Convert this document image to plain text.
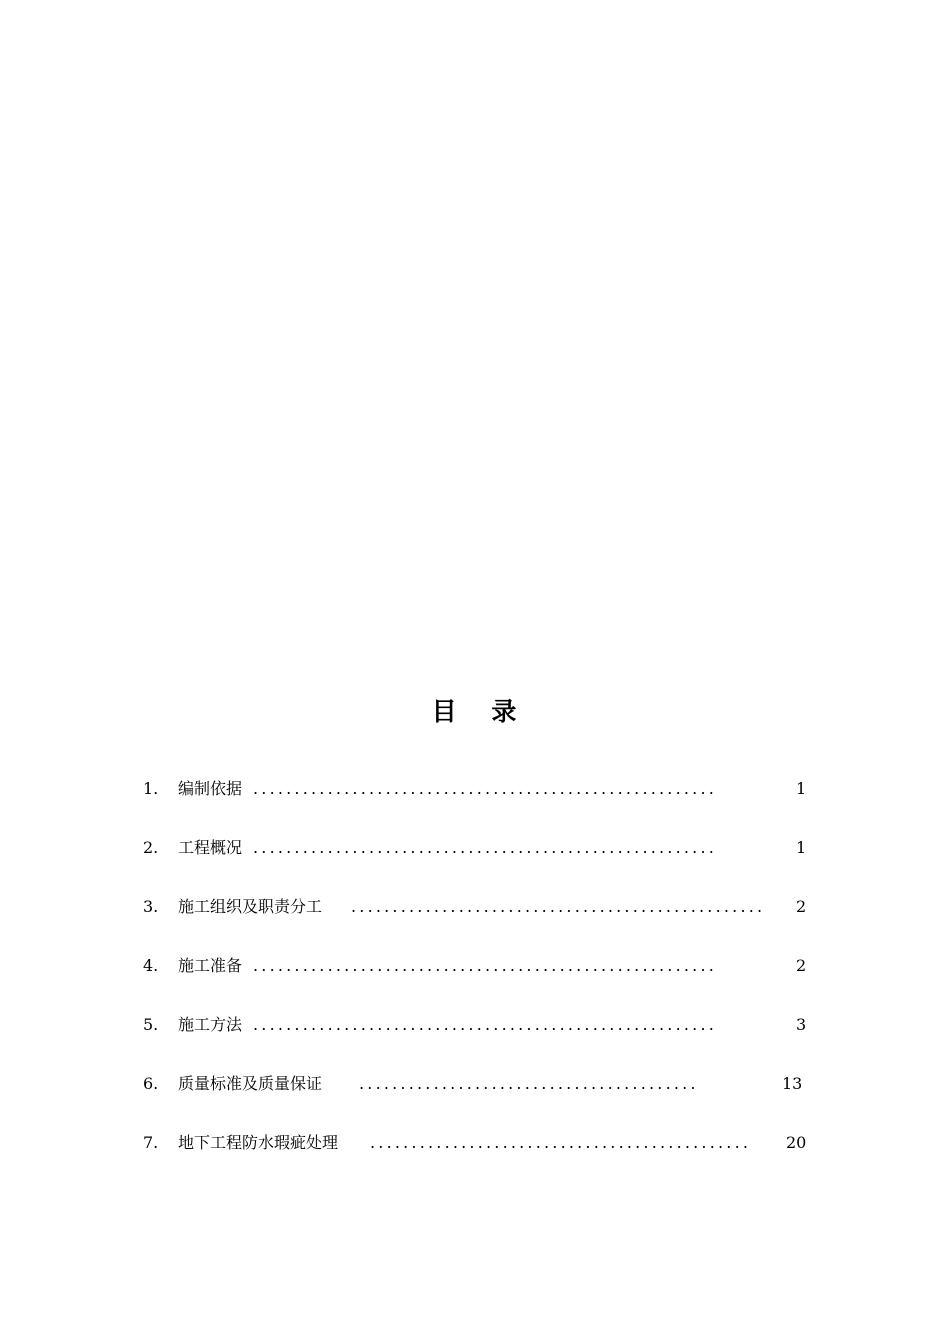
目 录
1. 编制依据 ........................................................	1
2. 工程概况 ........................................................	1
3. 施工组织及职责分工 ..................................................	2
4. 施工准备 ........................................................	2
5. 施工方法 ........................................................	3
6. 质量标准及质量保证 .........................................	13
7. 地下工程防水瑕疵处理 ..............................................	20
